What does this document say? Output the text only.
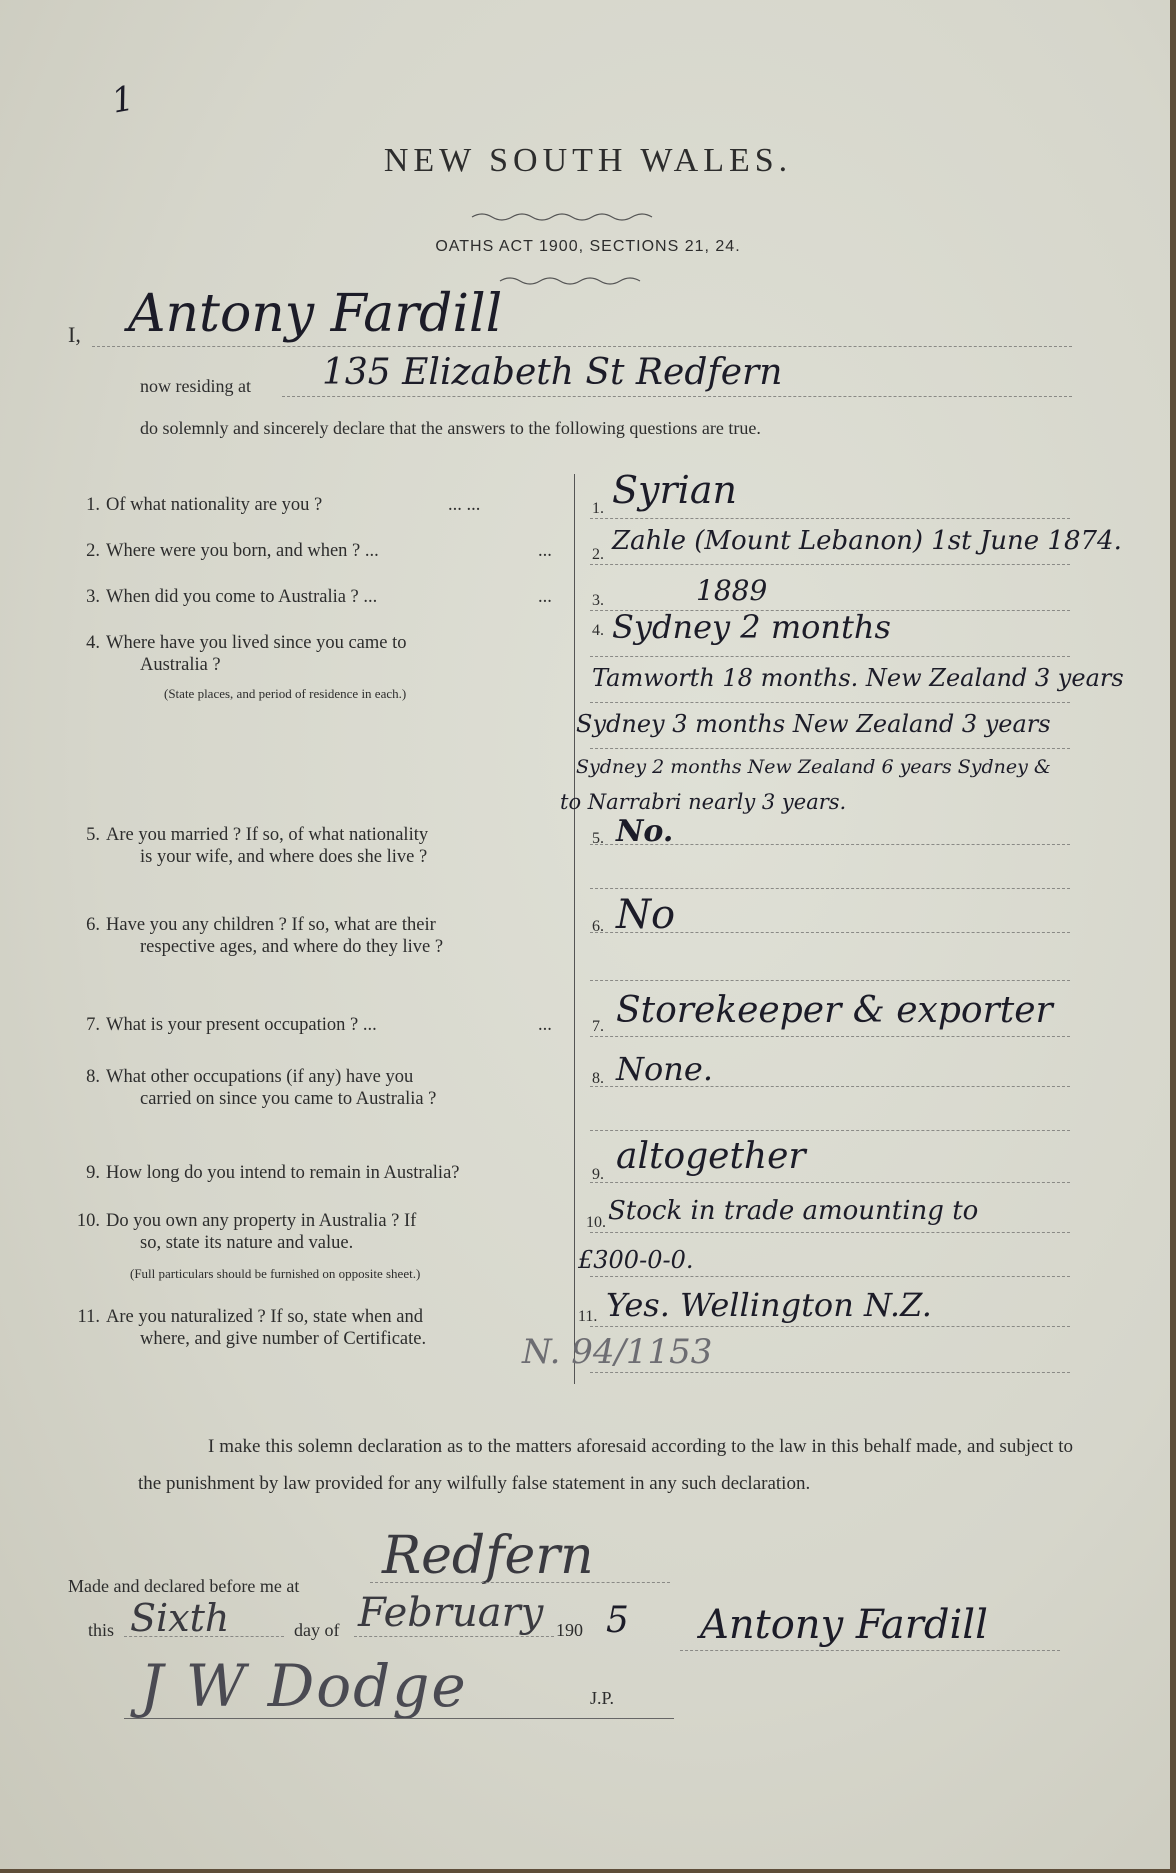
1
NEW SOUTH WALES.
OATHS ACT 1900, SECTIONS 21, 24.
I, Antony Fardill
now residing at 135 Elizabeth St Redfern
do solemnly and sincerely declare that the answers to the following questions are true.
1. Of what nationality are you ?	... ...	1. Syrian
2. Where were you born, and when ? ...	...	2. Zahle (Mount Lebanon) 1st June 1874.
3. When did you come to Australia ? ...	...	3.	1889
4. Where have you lived since you came to
Australia ?
(State places, and period of residence in each.)
4. Sydney 2 months
Tamworth 18 months. New Zealand 3 years
Sydney 3 months New Zealand 3 years
Sydney 2 months New Zealand 6 years Sydney &
to Narrabri nearly 3 years.
5. Are you married ? If so, of what nationality
is your wife, and where does she live ?
5. No.
6. Have you any children ? If so, what are their
respective ages, and where do they live ?
6. No
7. What is your present occupation ? ...	...	7. Storekeeper & exporter
8. What other occupations (if any) have you
carried on since you came to Australia ?
8. None.
9. How long do you intend to remain in Australia?	9. altogether
10. Do you own any property in Australia ? If
so, state its nature and value.
(Full particulars should be furnished on opposite sheet.)
10. Stock in trade amounting to
£300-0-0.
11. Are you naturalized ? If so, state when and
where, and give number of Certificate.
11. Yes. Wellington N.Z.
N. 94/1153
I make this solemn declaration as to the matters aforesaid according to the law in this behalf made, and subject to the punishment by law provided for any wilfully false statement in any such declaration.
Made and declared before me at Redfern
this Sixth	day of February 190 5 Antony Fardill
J W Dodge	J.P.
